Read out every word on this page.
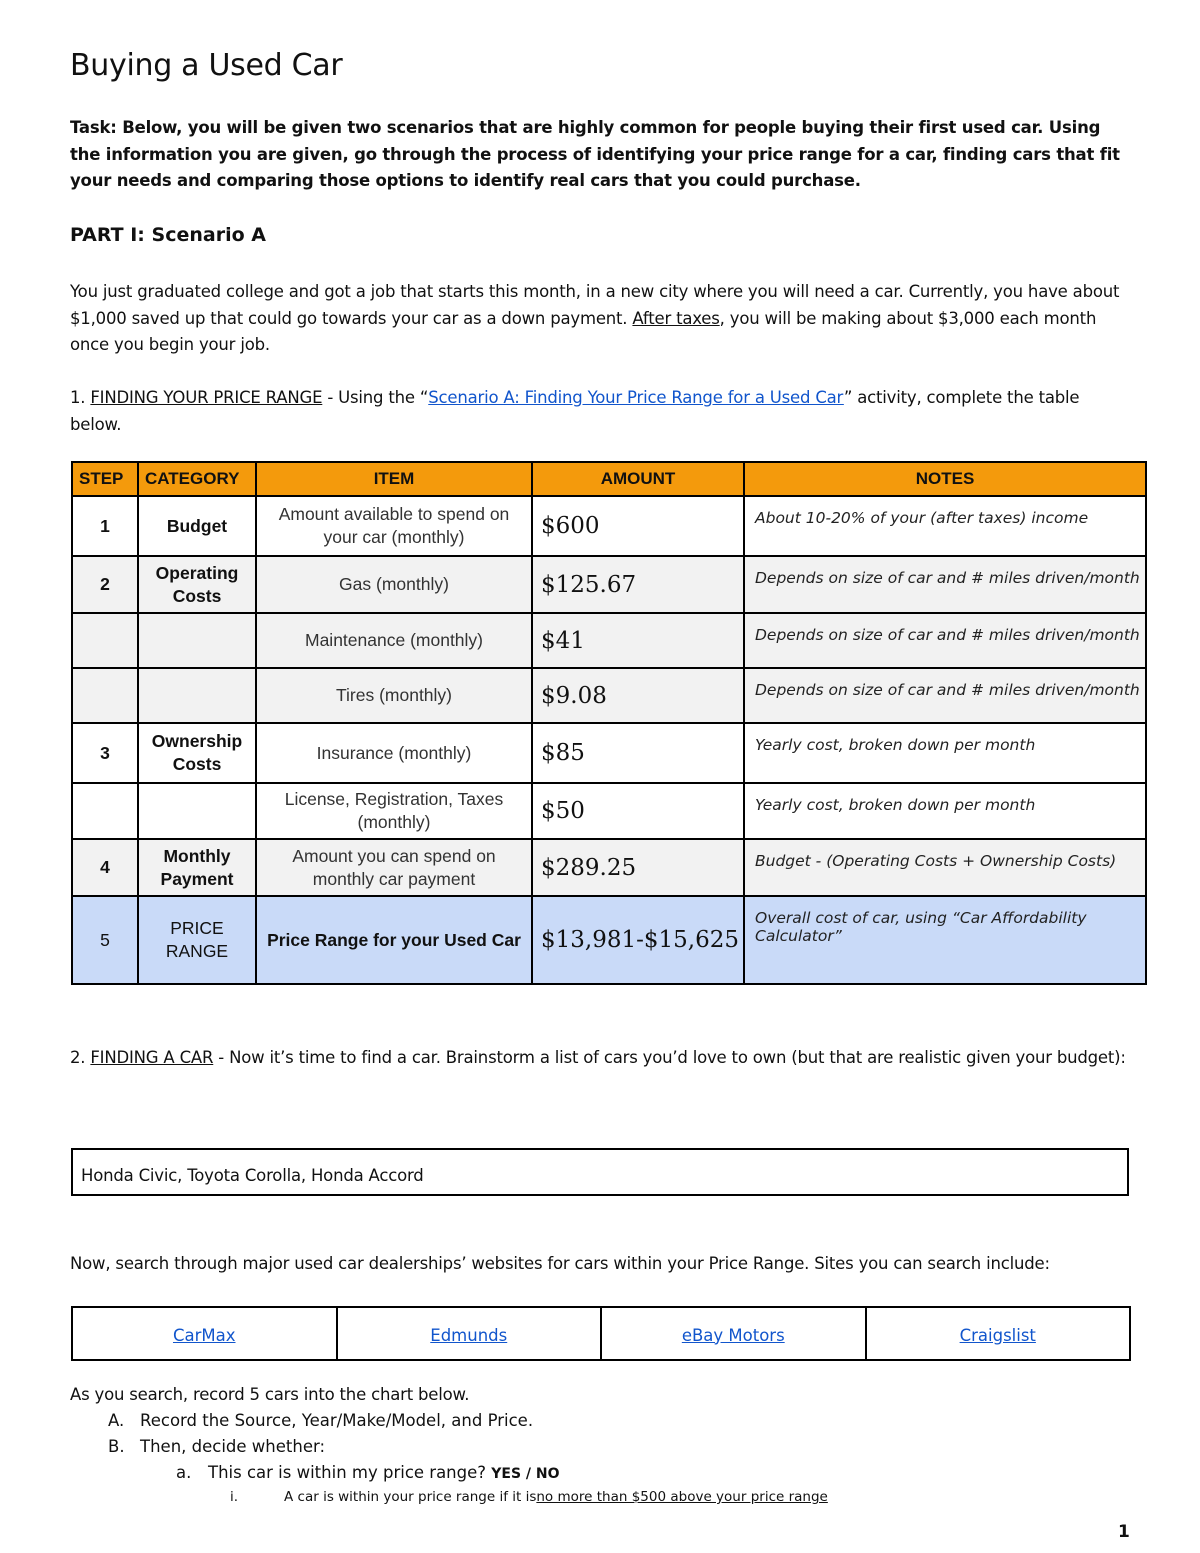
Buying a Used Car
Task: Below, you will be given two scenarios that are highly common for people buying their first used car. Using the information you are given, go through the process of identifying your price range for a car, finding cars that fit your needs and comparing those options to identify real cars that you could purchase.
PART I: Scenario A
You just graduated college and got a job that starts this month, in a new city where you will need a car. Currently, you have about $1,000 saved up that could go towards your car as a down payment. After taxes, you will be making about $3,000 each month once you begin your job.
1. FINDING YOUR PRICE RANGE - Using the “Scenario A: Finding Your Price Range for a Used Car” activity, complete the table below.
STEP	CATEGORY	ITEM	AMOUNT	NOTES
1	Budget	Amount available to spend on your car (monthly)	$600	About 10-20% of your (after taxes) income
2	Operating Costs	Gas (monthly)	$125.67	Depends on size of car and # miles driven/month
		Maintenance (monthly)	$41	Depends on size of car and # miles driven/month
		Tires (monthly)	$9.08	Depends on size of car and # miles driven/month
3	Ownership Costs	Insurance (monthly)	$85	Yearly cost, broken down per month
		License, Registration, Taxes (monthly)	$50	Yearly cost, broken down per month
4	Monthly Payment	Amount you can spend on monthly car payment	$289.25	Budget - (Operating Costs + Ownership Costs)
5	PRICE RANGE	Price Range for your Used Car	$13,981-$15,625	Overall cost of car, using “Car Affordability Calculator”
2. FINDING A CAR - Now it’s time to find a car. Brainstorm a list of cars you’d love to own (but that are realistic given your budget):
Honda Civic, Toyota Corolla, Honda Accord
Now, search through major used car dealerships’ websites for cars within your Price Range. Sites you can search include:
CarMax	Edmunds	eBay Motors	Craigslist
As you search, record 5 cars into the chart below.
A. Record the Source, Year/Make/Model, and Price.
B. Then, decide whether:
a. This car is within my price range? YES / NO
i.	A car is within your price range if it isno more than $500 above your price range
1
